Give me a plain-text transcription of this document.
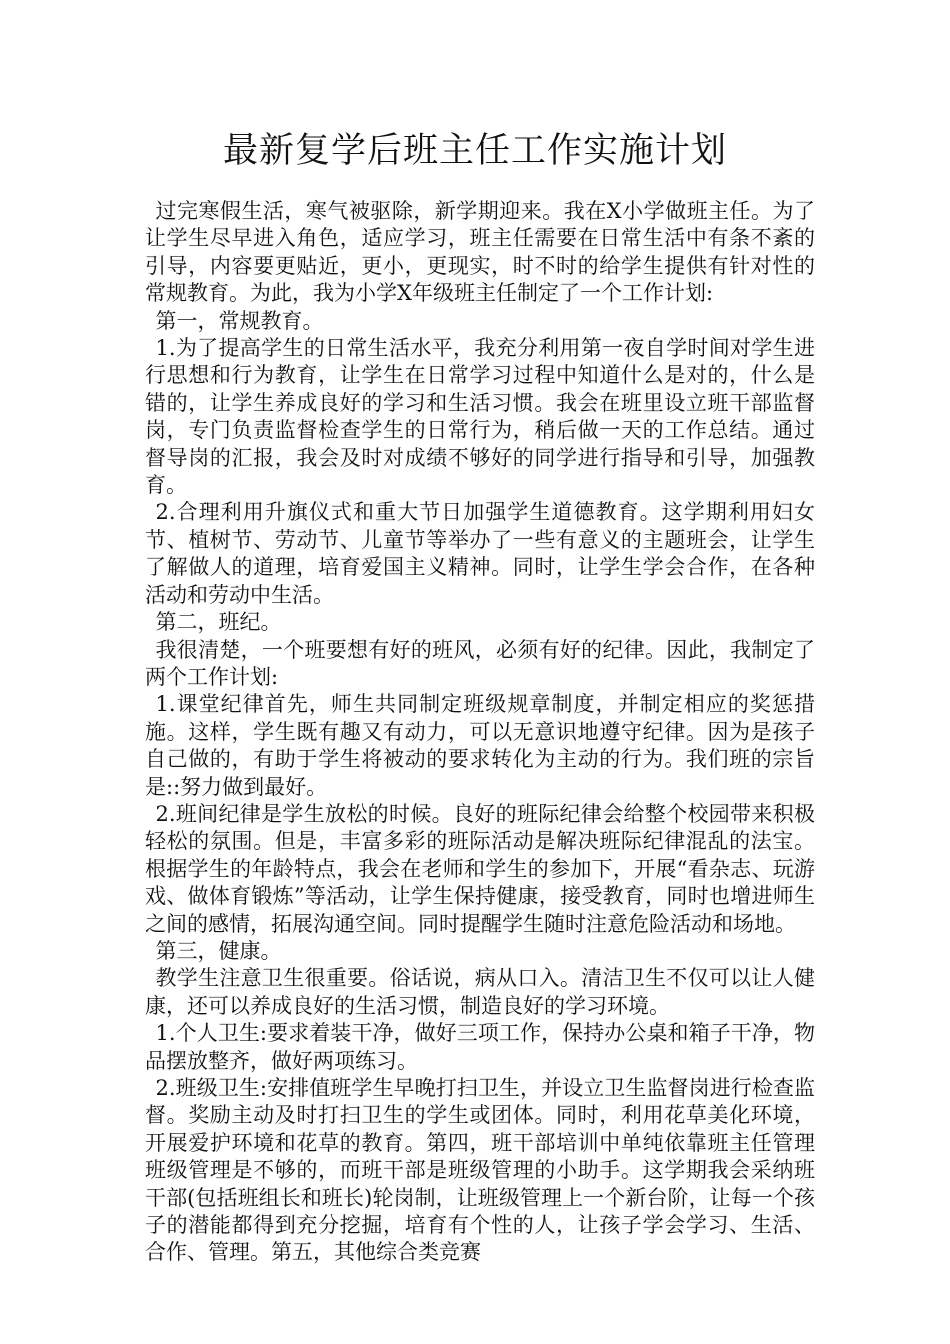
最新复学后班主任工作实施计划

过完寒假生活，寒气被驱除，新学期迎来。我在X小学做班主任。为了让学生尽早进入角色，适应学习，班主任需要在日常生活中有条不紊的引导，内容要更贴近，更小，更现实，时不时的给学生提供有针对性的常规教育。为此，我为小学X年级班主任制定了一个工作计划:

第一，常规教育。

1.为了提高学生的日常生活水平，我充分利用第一夜自学时间对学生进行思想和行为教育，让学生在日常学习过程中知道什么是对的，什么是错的，让学生养成良好的学习和生活习惯。我会在班里设立班干部监督岗，专门负责监督检查学生的日常行为，稍后做一天的工作总结。通过督导岗的汇报，我会及时对成绩不够好的同学进行指导和引导，加强教育。

2.合理利用升旗仪式和重大节日加强学生道德教育。这学期利用妇女节、植树节、劳动节、儿童节等举办了一些有意义的主题班会，让学生了解做人的道理，培育爱国主义精神。同时，让学生学会合作，在各种活动和劳动中生活。

第二，班纪。

我很清楚，一个班要想有好的班风，必须有好的纪律。因此，我制定了两个工作计划:

1.课堂纪律首先，师生共同制定班级规章制度，并制定相应的奖惩措施。这样，学生既有趣又有动力，可以无意识地遵守纪律。因为是孩子自己做的，有助于学生将被动的要求转化为主动的行为。我们班的宗旨是::努力做到最好。

2.班间纪律是学生放松的时候。良好的班际纪律会给整个校园带来积极轻松的氛围。但是，丰富多彩的班际活动是解决班际纪律混乱的法宝。根据学生的年龄特点，我会在老师和学生的参加下，开展“看杂志、玩游戏、做体育锻炼”等活动，让学生保持健康，接受教育，同时也增进师生之间的感情，拓展沟通空间。同时提醒学生随时注意危险活动和场地。

第三，健康。

教学生注意卫生很重要。俗话说，病从口入。清洁卫生不仅可以让人健康，还可以养成良好的生活习惯，制造良好的学习环境。

1.个人卫生:要求着装干净，做好三项工作，保持办公桌和箱子干净，物品摆放整齐，做好两项练习。

2.班级卫生:安排值班学生早晚打扫卫生，并设立卫生监督岗进行检查监督。奖励主动及时打扫卫生的学生或团体。同时，利用花草美化环境，开展爱护环境和花草的教育。第四，班干部培训中单纯依靠班主任管理班级管理是不够的，而班干部是班级管理的小助手。这学期我会采纳班干部(包括班组长和班长)轮岗制，让班级管理上一个新台阶，让每一个孩子的潜能都得到充分挖掘，培育有个性的人，让孩子学会学习、生活、合作、管理。第五，其他综合类竞赛
